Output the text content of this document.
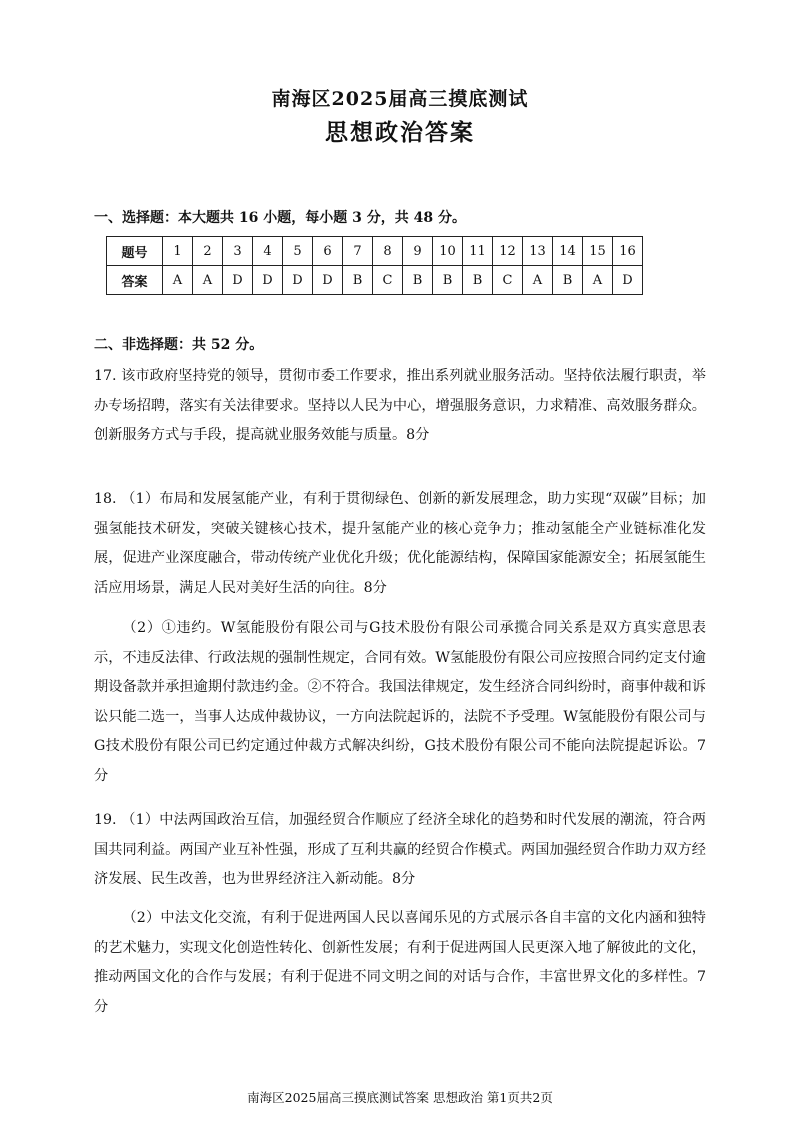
南海区2025届高三摸底测试
思想政治答案
一、选择题：本大题共 16 小题，每小题 3 分，共 48 分。
题号	1	2	3	4	5	6	7	8	9	10	11	12	13	14	15	16
答案	A	A	D	D	D	D	B	C	B	B	B	C	A	B	A	D
二、非选择题：共 52 分。
17. 该市政府坚持党的领导，贯彻市委工作要求，推出系列就业服务活动。坚持依法履行职责，举办专场招聘，落实有关法律要求。坚持以人民为中心，增强服务意识，力求精准、高效服务群众。创新服务方式与手段，提高就业服务效能与质量。8分
18. （1）布局和发展氢能产业，有利于贯彻绿色、创新的新发展理念，助力实现“双碳”目标；加强氢能技术研发，突破关键核心技术，提升氢能产业的核心竞争力；推动氢能全产业链标准化发展，促进产业深度融合，带动传统产业优化升级；优化能源结构，保障国家能源安全；拓展氢能生活应用场景，满足人民对美好生活的向往。8分
（2）①违约。W氢能股份有限公司与G技术股份有限公司承揽合同关系是双方真实意思表示，不违反法律、行政法规的强制性规定，合同有效。W氢能股份有限公司应按照合同约定支付逾期设备款并承担逾期付款违约金。②不符合。我国法律规定，发生经济合同纠纷时，商事仲裁和诉讼只能二选一，当事人达成仲裁协议，一方向法院起诉的，法院不予受理。W氢能股份有限公司与G技术股份有限公司已约定通过仲裁方式解决纠纷，G技术股份有限公司不能向法院提起诉讼。7分
19. （1）中法两国政治互信，加强经贸合作顺应了经济全球化的趋势和时代发展的潮流，符合两国共同利益。两国产业互补性强，形成了互利共赢的经贸合作模式。两国加强经贸合作助力双方经济发展、民生改善，也为世界经济注入新动能。8分
（2）中法文化交流，有利于促进两国人民以喜闻乐见的方式展示各自丰富的文化内涵和独特的艺术魅力，实现文化创造性转化、创新性发展；有利于促进两国人民更深入地了解彼此的文化，推动两国文化的合作与发展；有利于促进不同文明之间的对话与合作，丰富世界文化的多样性。7分
南海区2025届高三摸底测试答案 思想政治 第1页共2页
